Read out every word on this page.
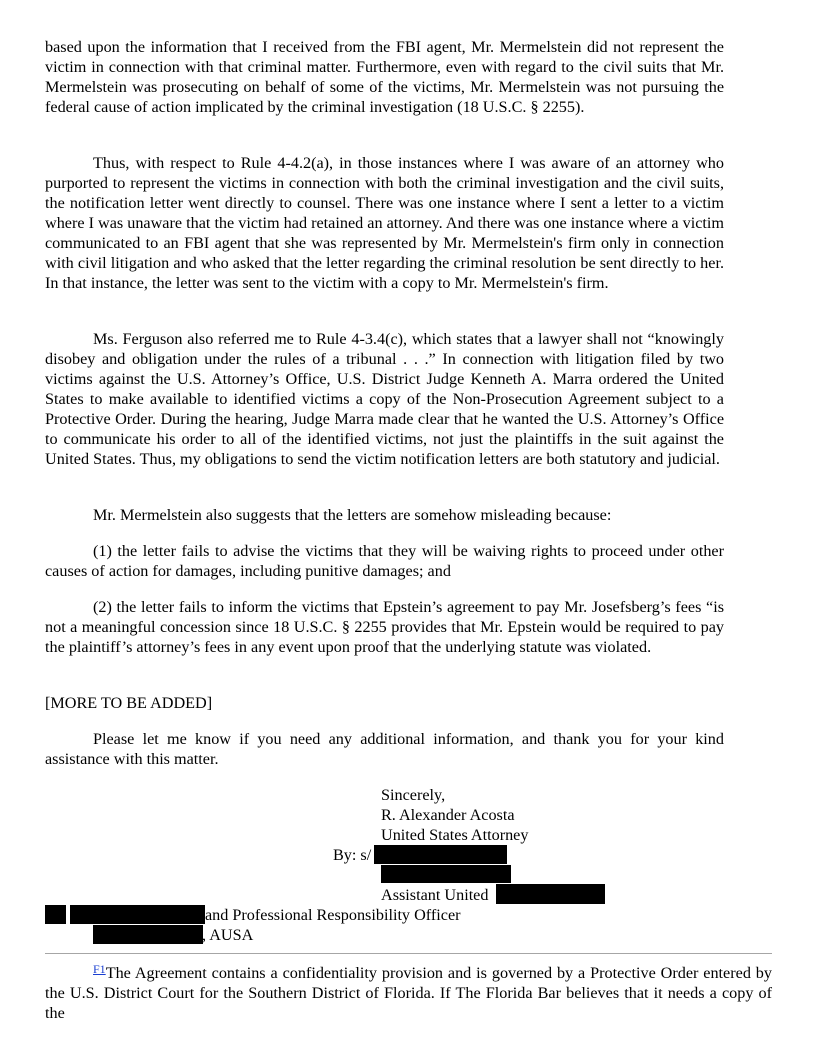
based upon the information that I received from the FBI agent, Mr. Mermelstein did not represent the victim in connection with that criminal matter. Furthermore, even with regard to the civil suits that Mr. Mermelstein was prosecuting on behalf of some of the victims, Mr. Mermelstein was not pursuing the federal cause of action implicated by the criminal investigation (18 U.S.C. § 2255).

Thus, with respect to Rule 4-4.2(a), in those instances where I was aware of an attorney who purported to represent the victims in connection with both the criminal investigation and the civil suits, the notification letter went directly to counsel. There was one instance where I sent a letter to a victim where I was unaware that the victim had retained an attorney. And there was one instance where a victim communicated to an FBI agent that she was represented by Mr. Mermelstein's firm only in connection with civil litigation and who asked that the letter regarding the criminal resolution be sent directly to her. In that instance, the letter was sent to the victim with a copy to Mr. Mermelstein's firm.

Ms. Ferguson also referred me to Rule 4-3.4(c), which states that a lawyer shall not “knowingly disobey and obligation under the rules of a tribunal . . .” In connection with litigation filed by two victims against the U.S. Attorney’s Office, U.S. District Judge Kenneth A. Marra ordered the United States to make available to identified victims a copy of the Non-Prosecution Agreement subject to a Protective Order. During the hearing, Judge Marra made clear that he wanted the U.S. Attorney’s Office to communicate his order to all of the identified victims, not just the plaintiffs in the suit against the United States. Thus, my obligations to send the victim notification letters are both statutory and judicial.

Mr. Mermelstein also suggests that the letters are somehow misleading because:

(1) the letter fails to advise the victims that they will be waiving rights to proceed under other causes of action for damages, including punitive damages; and

(2) the letter fails to inform the victims that Epstein’s agreement to pay Mr. Josefsberg’s fees “is not a meaningful concession since 18 U.S.C. § 2255 provides that Mr. Epstein would be required to pay the plaintiff’s attorney’s fees in any event upon proof that the underlying statute was violated.

[MORE TO BE ADDED]

Please let me know if you need any additional information, and thank you for your kind assistance with this matter.

Sincerely,
R. Alexander Acosta
United States Attorney
By: s/
Assistant United
and Professional Responsibility Officer
, AUSA

$^{F1}$The Agreement contains a confidentiality provision and is governed by a Protective Order entered by the U.S. District Court for the Southern District of Florida. If The Florida Bar believes that it needs a copy of the
